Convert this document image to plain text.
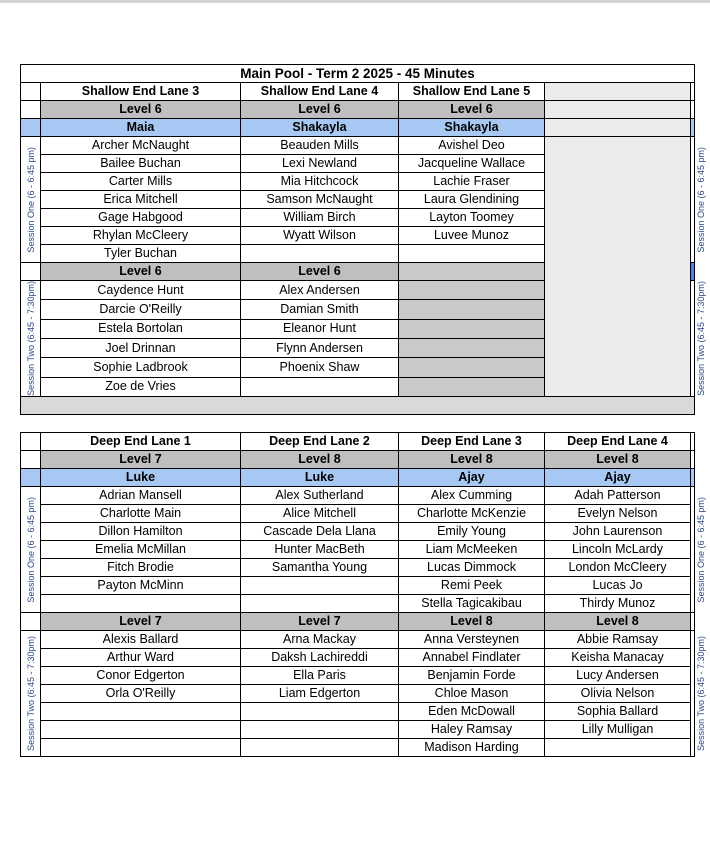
Main Pool - Term 2 2025 - 45 Minutes					
	Shallow End Lane 3	Shallow End Lane 4	Shallow End Lane 5		
	Level 6	Level 6	Level 6		
	Maia	Shakayla	Shakayla		

Session One (6 - 6:45 pm)	Archer McNaught	Beauden Mills	Avishel Deo		Session One (6 - 6:45 pm)

	Bailee Buchan	Lexi Newland	Jacqueline Wallace		
	Carter Mills	Mia Hitchcock	Lachie Fraser		
	Erica Mitchell	Samson McNaught	Laura Glendining		
	Gage Habgood	William Birch	Layton Toomey		
	Rhylan McCleery	Wyatt Wilson	Luvee Munoz		
	Tyler Buchan				
	Level 6	Level 6			

Session Two (6:45 - 7:30pm)	Caydence Hunt	Alex Andersen			Session Two (6:45 - 7:30pm)

	Darcie O'Reilly	Damian Smith			
	Estela Bortolan	Eleanor Hunt			
	Joel Drinnan	Flynn Andersen			
	Sophie Ladbrook	Phoenix Shaw			
	Zoe de Vries				

	Deep End Lane 1	Deep End Lane 2	Deep End Lane 3	Deep End Lane 4	
	Level 7	Level 8	Level 8	Level 8	
	Luke	Luke	Ajay	Ajay	

Session One (6 - 6:45 pm)	Adrian Mansell	Alex Sutherland	Alex Cumming	Adah Patterson	Session One (6 - 6:45 pm)

	Charlotte Main	Alice Mitchell	Charlotte McKenzie	Evelyn Nelson	
	Dillon Hamilton	Cascade Dela Llana	Emily Young	John Laurenson	
	Emelia McMillan	Hunter MacBeth	Liam McMeeken	Lincoln McLardy	
	Fitch Brodie	Samantha Young	Lucas Dimmock	London McCleery	
	Payton McMinn		Remi Peek	Lucas Jo	
			Stella Tagicakibau	Thirdy Munoz	
	Level 7	Level 7	Level 8	Level 8	

Session Two (6:45 - 7:30pm)	Alexis Ballard	Arna Mackay	Anna Versteynen	Abbie Ramsay	Session Two (6:45 - 7:30pm)

	Arthur Ward	Daksh Lachireddi	Annabel Findlater	Keisha Manacay	
	Conor Edgerton	Ella Paris	Benjamin Forde	Lucy Andersen	
	Orla O'Reilly	Liam Edgerton	Chloe Mason	Olivia Nelson	
			Eden McDowall	Sophia Ballard	
			Haley Ramsay	Lilly Mulligan	
			Madison Harding		
